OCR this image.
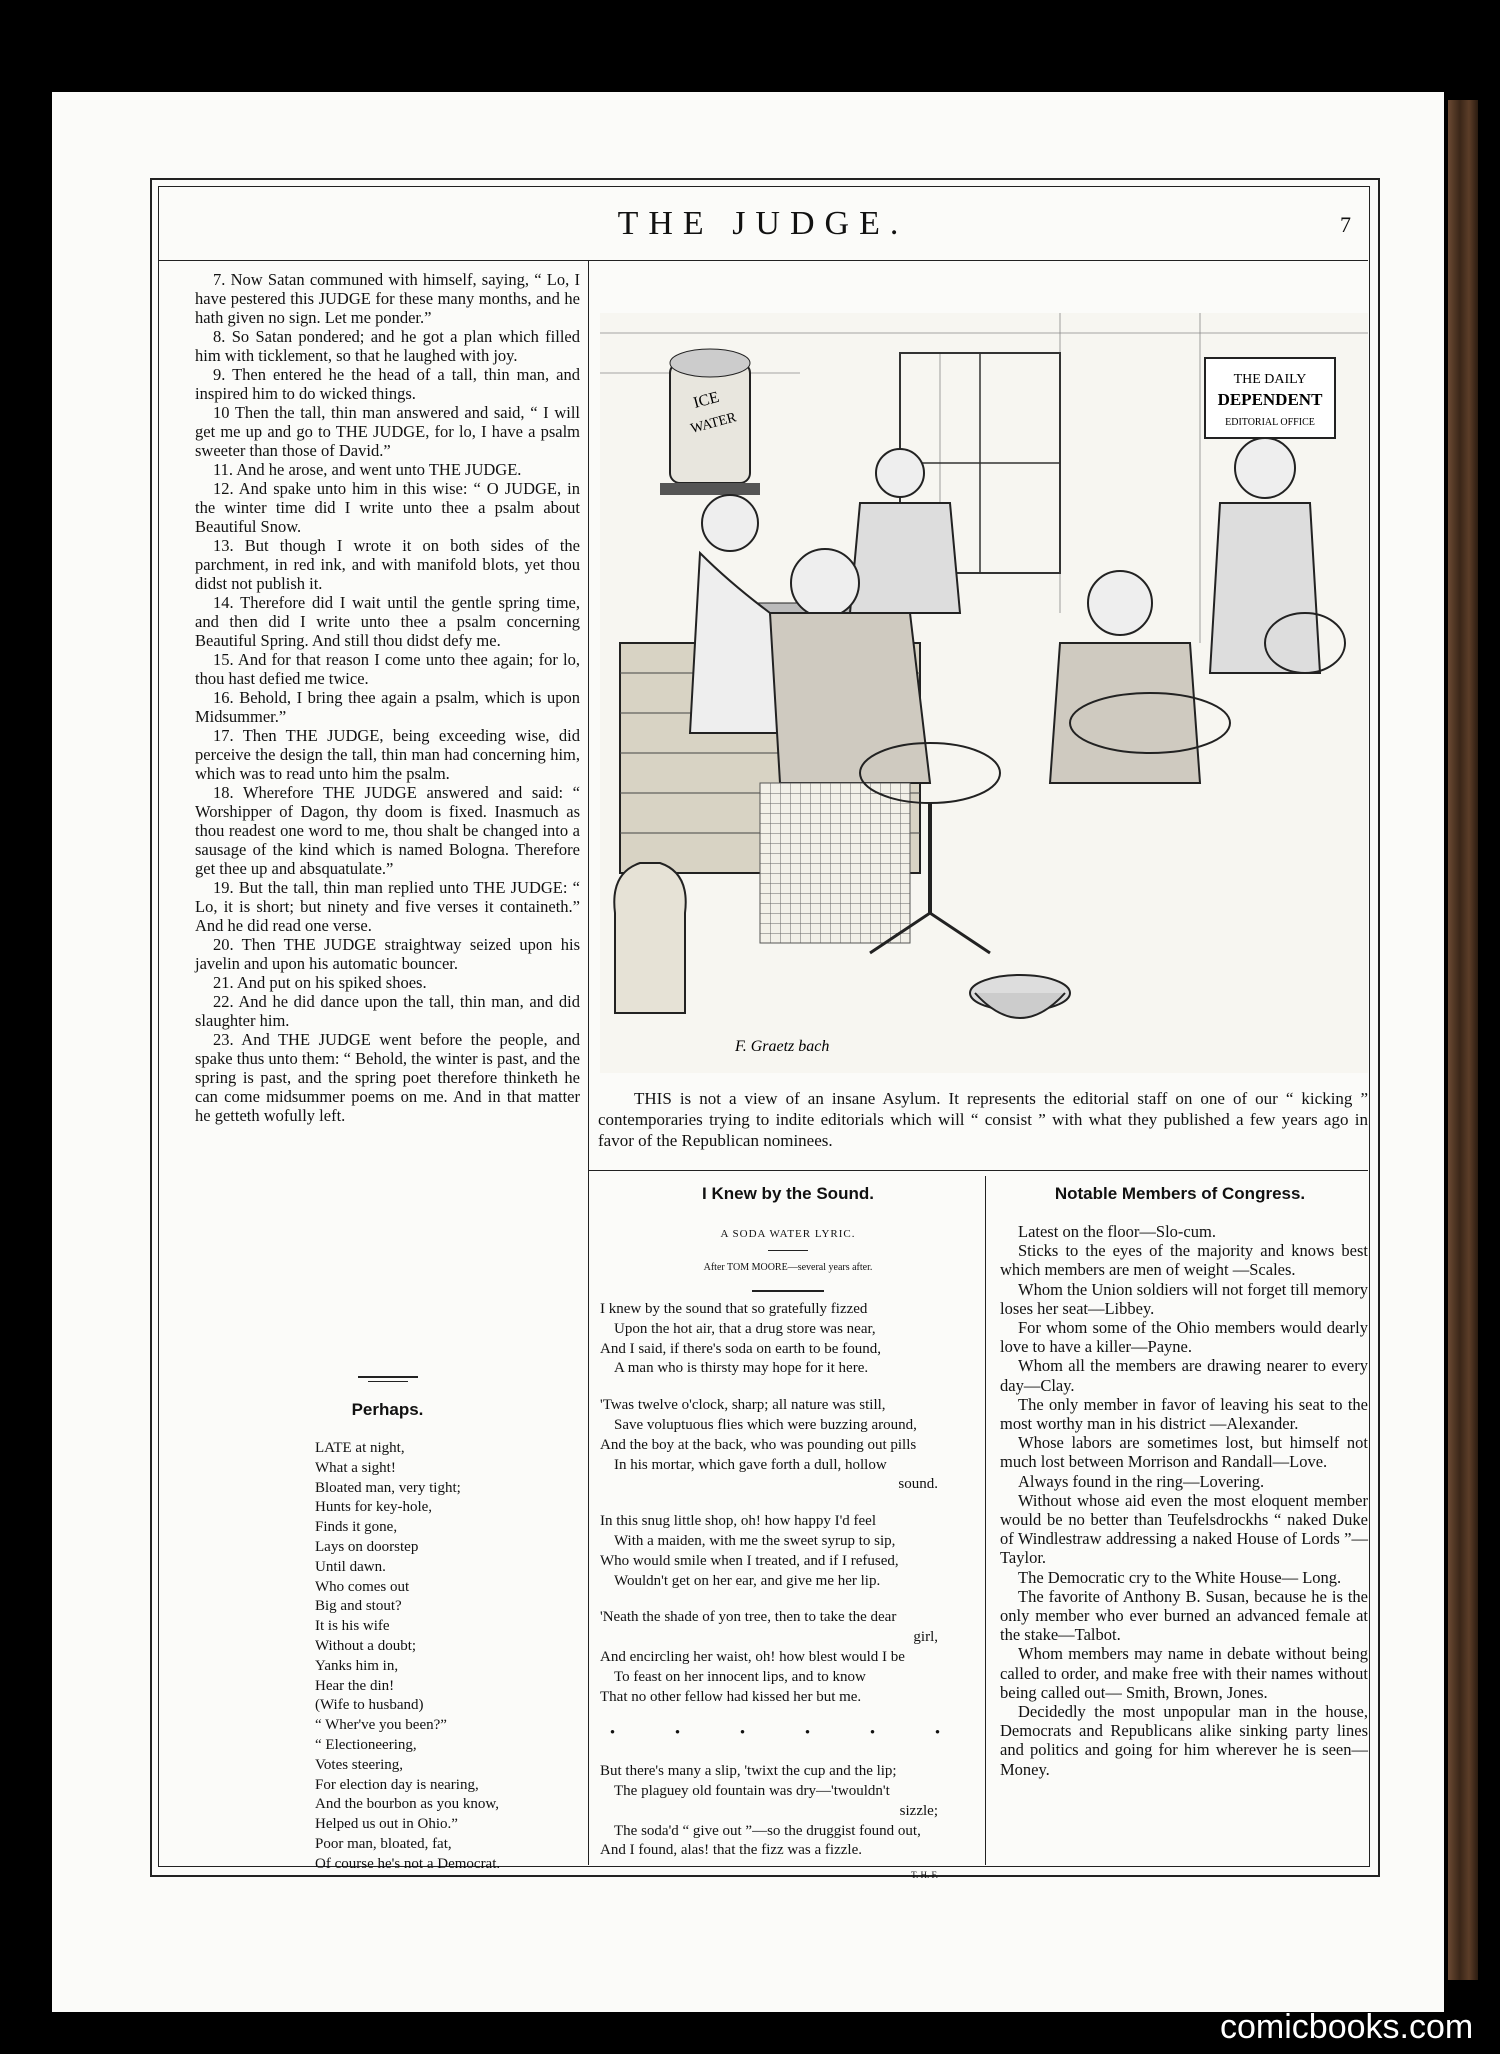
THE JUDGE.	7

7. Now Satan communed with himself, saying, “ Lo, I have pestered this JUDGE for these many months, and he hath given no sign. Let me ponder.”

8. So Satan pondered; and he got a plan which filled him with ticklement, so that he laughed with joy.

9. Then entered he the head of a tall, thin man, and inspired him to do wicked things.

10 Then the tall, thin man answered and said, “ I will get me up and go to THE JUDGE, for lo, I have a psalm sweeter than those of David.”

11. And he arose, and went unto THE JUDGE.

12. And spake unto him in this wise: “ O JUDGE, in the winter time did I write unto thee a psalm about Beautiful Snow.

13. But though I wrote it on both sides of the parchment, in red ink, and with manifold blots, yet thou didst not publish it.

14. Therefore did I wait until the gentle spring time, and then did I write unto thee a psalm concerning Beautiful Spring. And still thou didst defy me.

15. And for that reason I come unto thee again; for lo, thou hast defied me twice.

16. Behold, I bring thee again a psalm, which is upon Midsummer.”

17. Then THE JUDGE, being exceeding wise, did perceive the design the tall, thin man had concerning him, which was to read unto him the psalm.

18. Wherefore THE JUDGE answered and said: “ Worshipper of Dagon, thy doom is fixed. Inasmuch as thou readest one word to me, thou shalt be changed into a sausage of the kind which is named Bologna. Therefore get thee up and absquatulate.”

19. But the tall, thin man replied unto THE JUDGE: “ Lo, it is short; but ninety and five verses it containeth.” And he did read one verse.

20. Then THE JUDGE straightway seized upon his javelin and upon his automatic bouncer.

21. And put on his spiked shoes.

22. And he did dance upon the tall, thin man, and did slaughter him.

23. And THE JUDGE went before the people, and spake thus unto them: “ Behold, the winter is past, and the spring is past, and the spring poet therefore thinketh he can come midsummer poems on me. And in that matter he getteth wofully left.

Perhaps.
LATE at night,
What a sight!
Bloated man, very tight;
Hunts for key-hole,
Finds it gone,
Lays on doorstep
Until dawn.
Who comes out
Big and stout?
It is his wife
Without a doubt;
Yanks him in,
Hear the din!
(Wife to husband)
“ Wher've you been?”
“ Electioneering,
Votes steering,
For election day is nearing,
And the bourbon as you know,
Helped us out in Ohio.”
Poor man, bloated, fat,
Of course he's not a Democrat.
THE DAILY
DEPENDENT
EDITORIAL OFFICE
ICE
WATER
F. Graetz bach

THIS is not a view of an insane Asylum. It represents the editorial staff on one of our “ kicking ” contemporaries trying to indite editorials which will “ consist ” with what they published a few years ago in favor of the Republican nominees.

I Knew by the Sound.
A SODA WATER LYRIC.
After TOM MOORE—several years after.
I knew by the sound that so gratefully fizzed
Upon the hot air, that a drug store was near,
And I said, if there's soda on earth to be found,
A man who is thirsty may hope for it here.
'Twas twelve o'clock, sharp; all nature was still,
Save voluptuous flies which were buzzing around,
And the boy at the back, who was pounding out pills
In his mortar, which gave forth a dull, hollow
sound.
In this snug little shop, oh! how happy I'd feel
With a maiden, with me the sweet syrup to sip,
Who would smile when I treated, and if I refused,
Wouldn't get on her ear, and give me her lip.
'Neath the shade of yon tree, then to take the dear
girl,
And encircling her waist, oh! how blest would I be
To feast on her innocent lips, and to know
That no other fellow had kissed her but me.
• • • • • •
But there's many a slip, 'twixt the cup and the lip;
The plaguey old fountain was dry—'twouldn't
sizzle;
The soda'd “ give out ”—so the druggist found out,
And I found, alas! that the fizz was a fizzle.
T. H. F.
Notable Members of Congress.

Latest on the floor—Slo-cum.

Sticks to the eyes of the majority and knows best which members are men of weight —Scales.

Whom the Union soldiers will not forget till memory loses her seat—Libbey.

For whom some of the Ohio members would dearly love to have a killer—Payne.

Whom all the members are drawing nearer to every day—Clay.

The only member in favor of leaving his seat to the most worthy man in his district —Alexander.

Whose labors are sometimes lost, but himself not much lost between Morrison and Randall—Love.

Always found in the ring—Lovering.

Without whose aid even the most eloquent member would be no better than Teufelsdrockhs “ naked Duke of Windlestraw addressing a naked House of Lords ”—Taylor.

The Democratic cry to the White House— Long.

The favorite of Anthony B. Susan, because he is the only member who ever burned an advanced female at the stake—Talbot.

Whom members may name in debate without being called to order, and make free with their names without being called out— Smith, Brown, Jones.

Decidedly the most unpopular man in the house, Democrats and Republicans alike sinking party lines and politics and going for him wherever he is seen—Money.

comicbooks.com
